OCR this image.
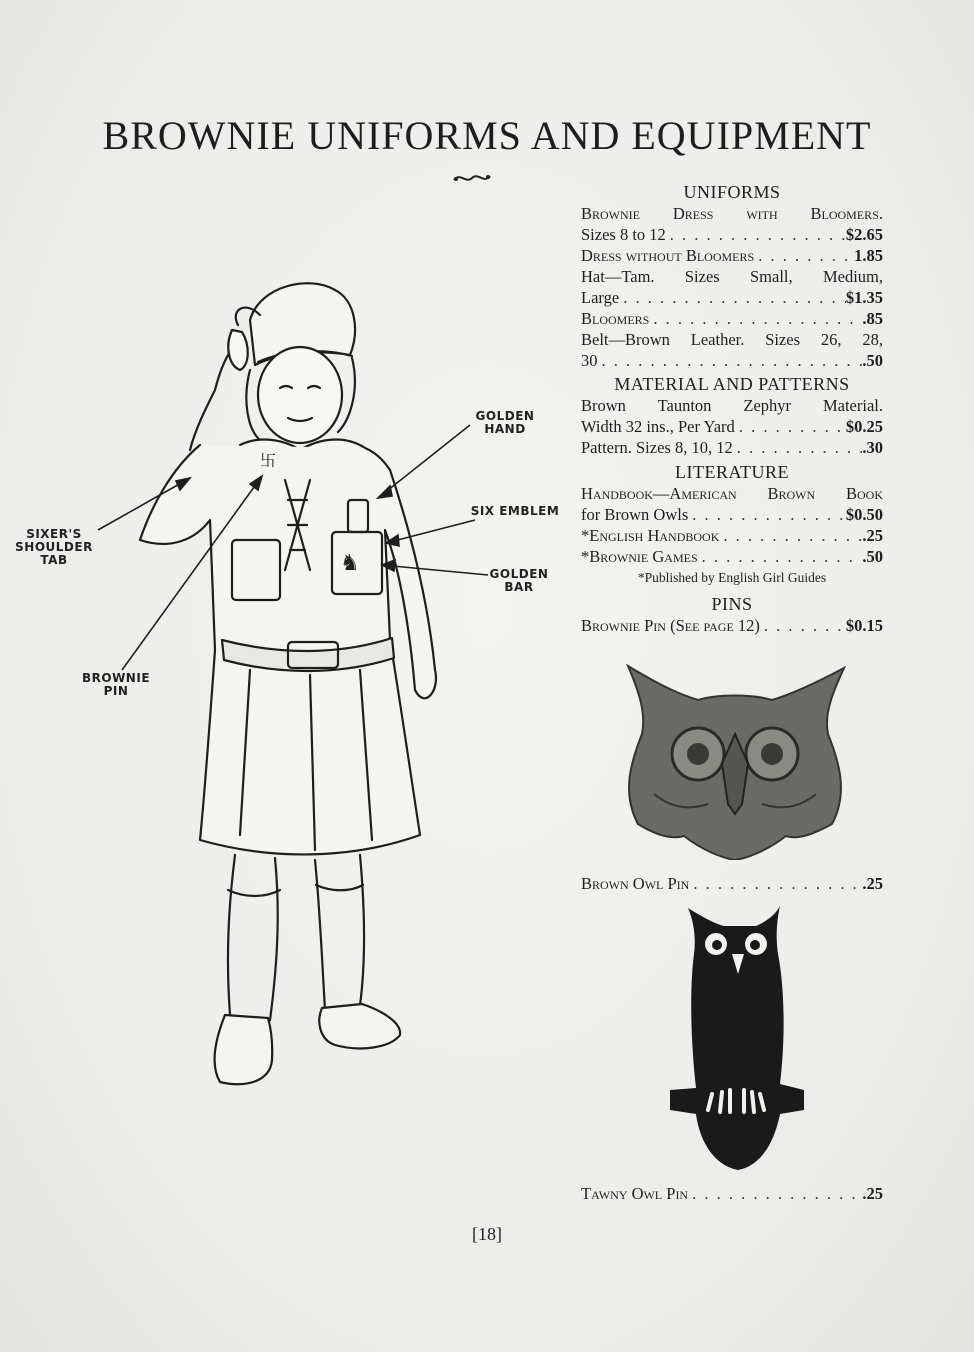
BROWNIE UNIFORMS AND EQUIPMENT
卐
♞
GOLDEN HAND
SIXER'S SHOULDER TAB
SIX EMBLEM
GOLDEN BAR
BROWNIE PIN
UNIFORMS
Brownie Dress with Bloomers.
Sizes 8 to 12 . . .	$2.65
Dress without Bloomers . . .	1.85
Hat—Tam. Sizes Small, Medium,
Large . . .	$1.35
Bloomers . . .	.85
Belt—Brown Leather. Sizes 26, 28,
30 . . .	.50
MATERIAL AND PATTERNS
Brown Taunton Zephyr Material.
Width 32 ins., Per Yard . . .	$0.25
Pattern. Sizes 8, 10, 12 . . .	.30
LITERATURE
Handbook—American Brown Book
for Brown Owls . . .	$0.50
*English Handbook . . .	.25
*Brownie Games . . .	.50
*Published by English Girl Guides
PINS
Brownie Pin (See page 12) . . .	$0.15
Brown Owl Pin . . .	.25
Tawny Owl Pin . . .	.25
[18]
